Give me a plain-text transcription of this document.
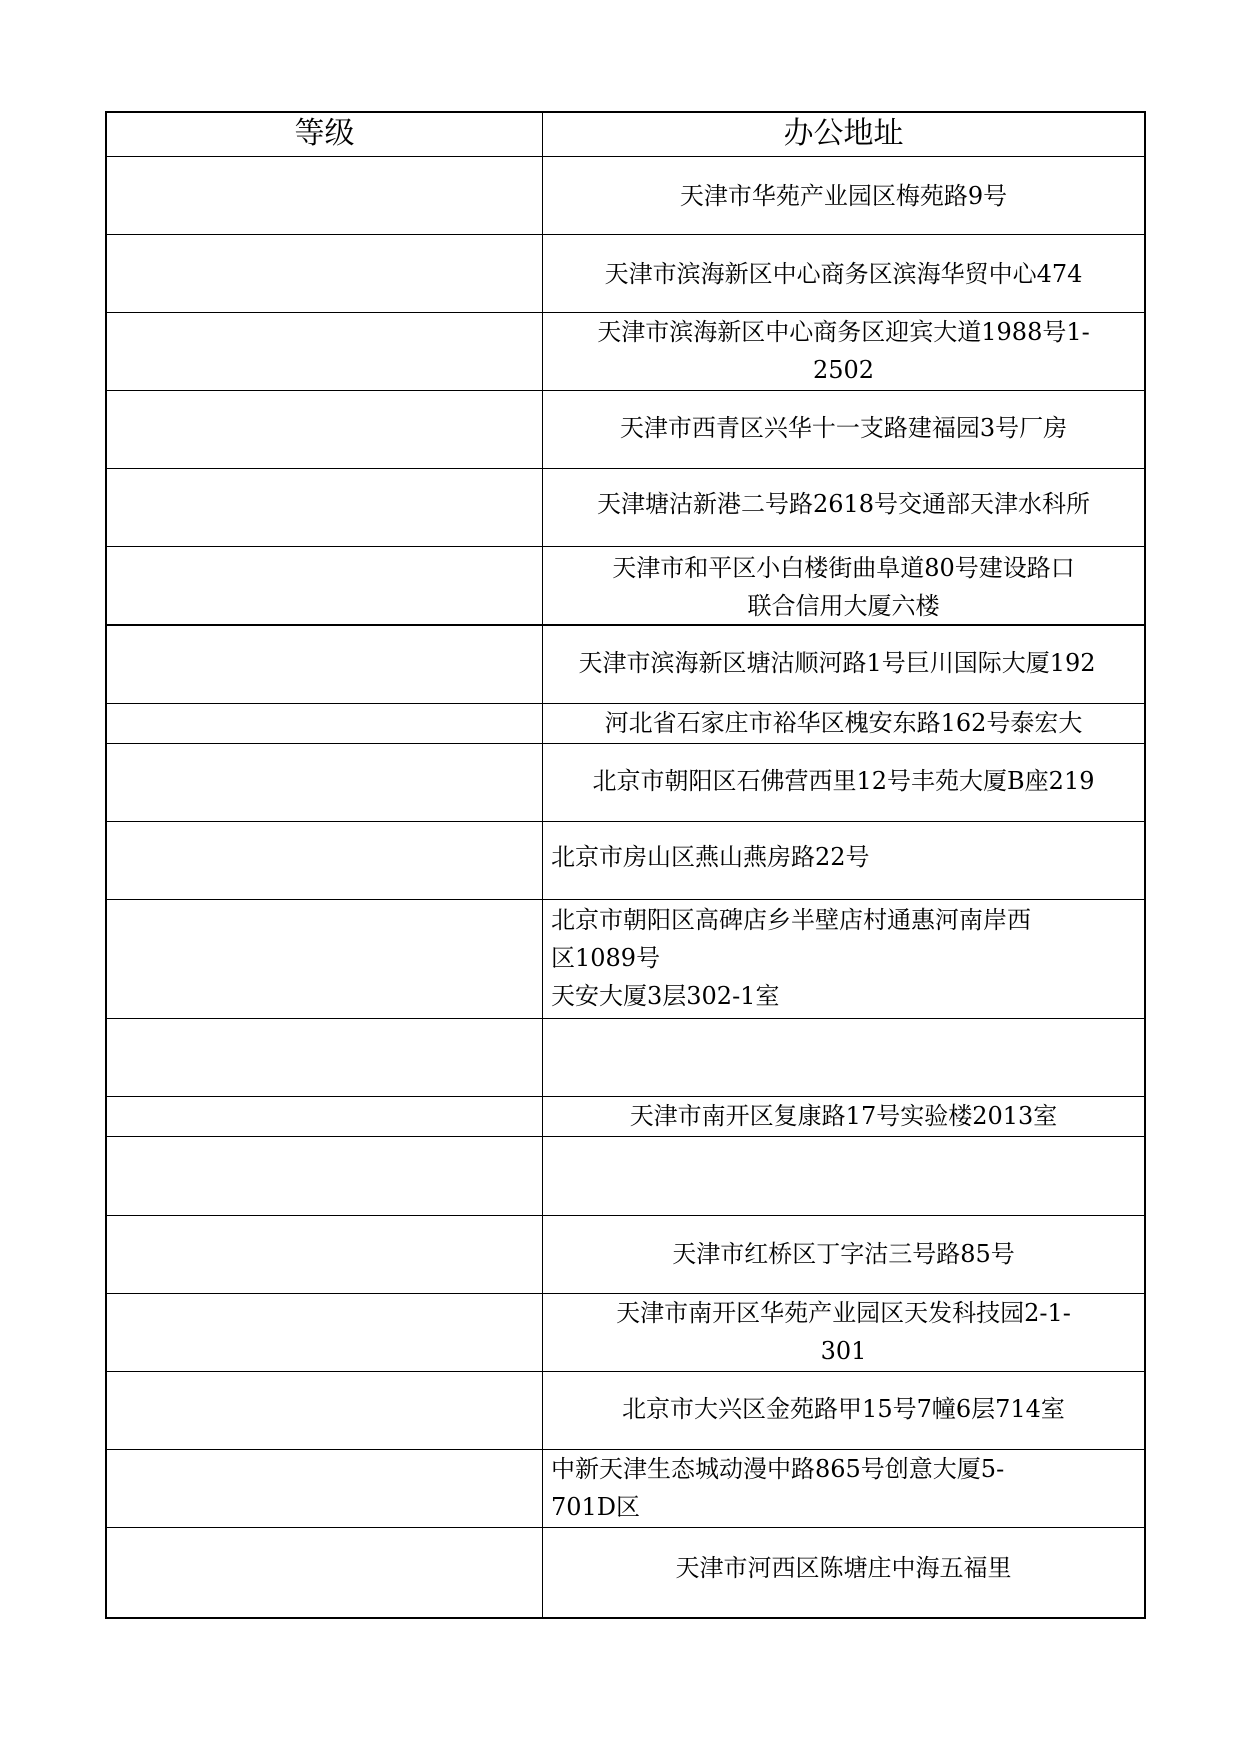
等级	办公地址
天津市华苑产业园区梅苑路9号
天津市滨海新区中心商务区滨海华贸中心474
天津市滨海新区中心商务区迎宾大道1988号1-
2502
天津市西青区兴华十一支路建福园3号厂房
天津塘沽新港二号路2618号交通部天津水科所
天津市和平区小白楼街曲阜道80号建设路口
联合信用大厦六楼
天津市滨海新区塘沽顺河路1号巨川国际大厦192
河北省石家庄市裕华区槐安东路162号泰宏大
北京市朝阳区石佛营西里12号丰苑大厦B座219
北京市房山区燕山燕房路22号
北京市朝阳区高碑店乡半壁店村通惠河南岸西
区1089号
天安大厦3层302-1室
天津市南开区复康路17号实验楼2013室
天津市红桥区丁字沽三号路85号
天津市南开区华苑产业园区天发科技园2-1-
301
北京市大兴区金苑路甲15号7幢6层714室
中新天津生态城动漫中路865号创意大厦5-
701D区
天津市河西区陈塘庄中海五福里
